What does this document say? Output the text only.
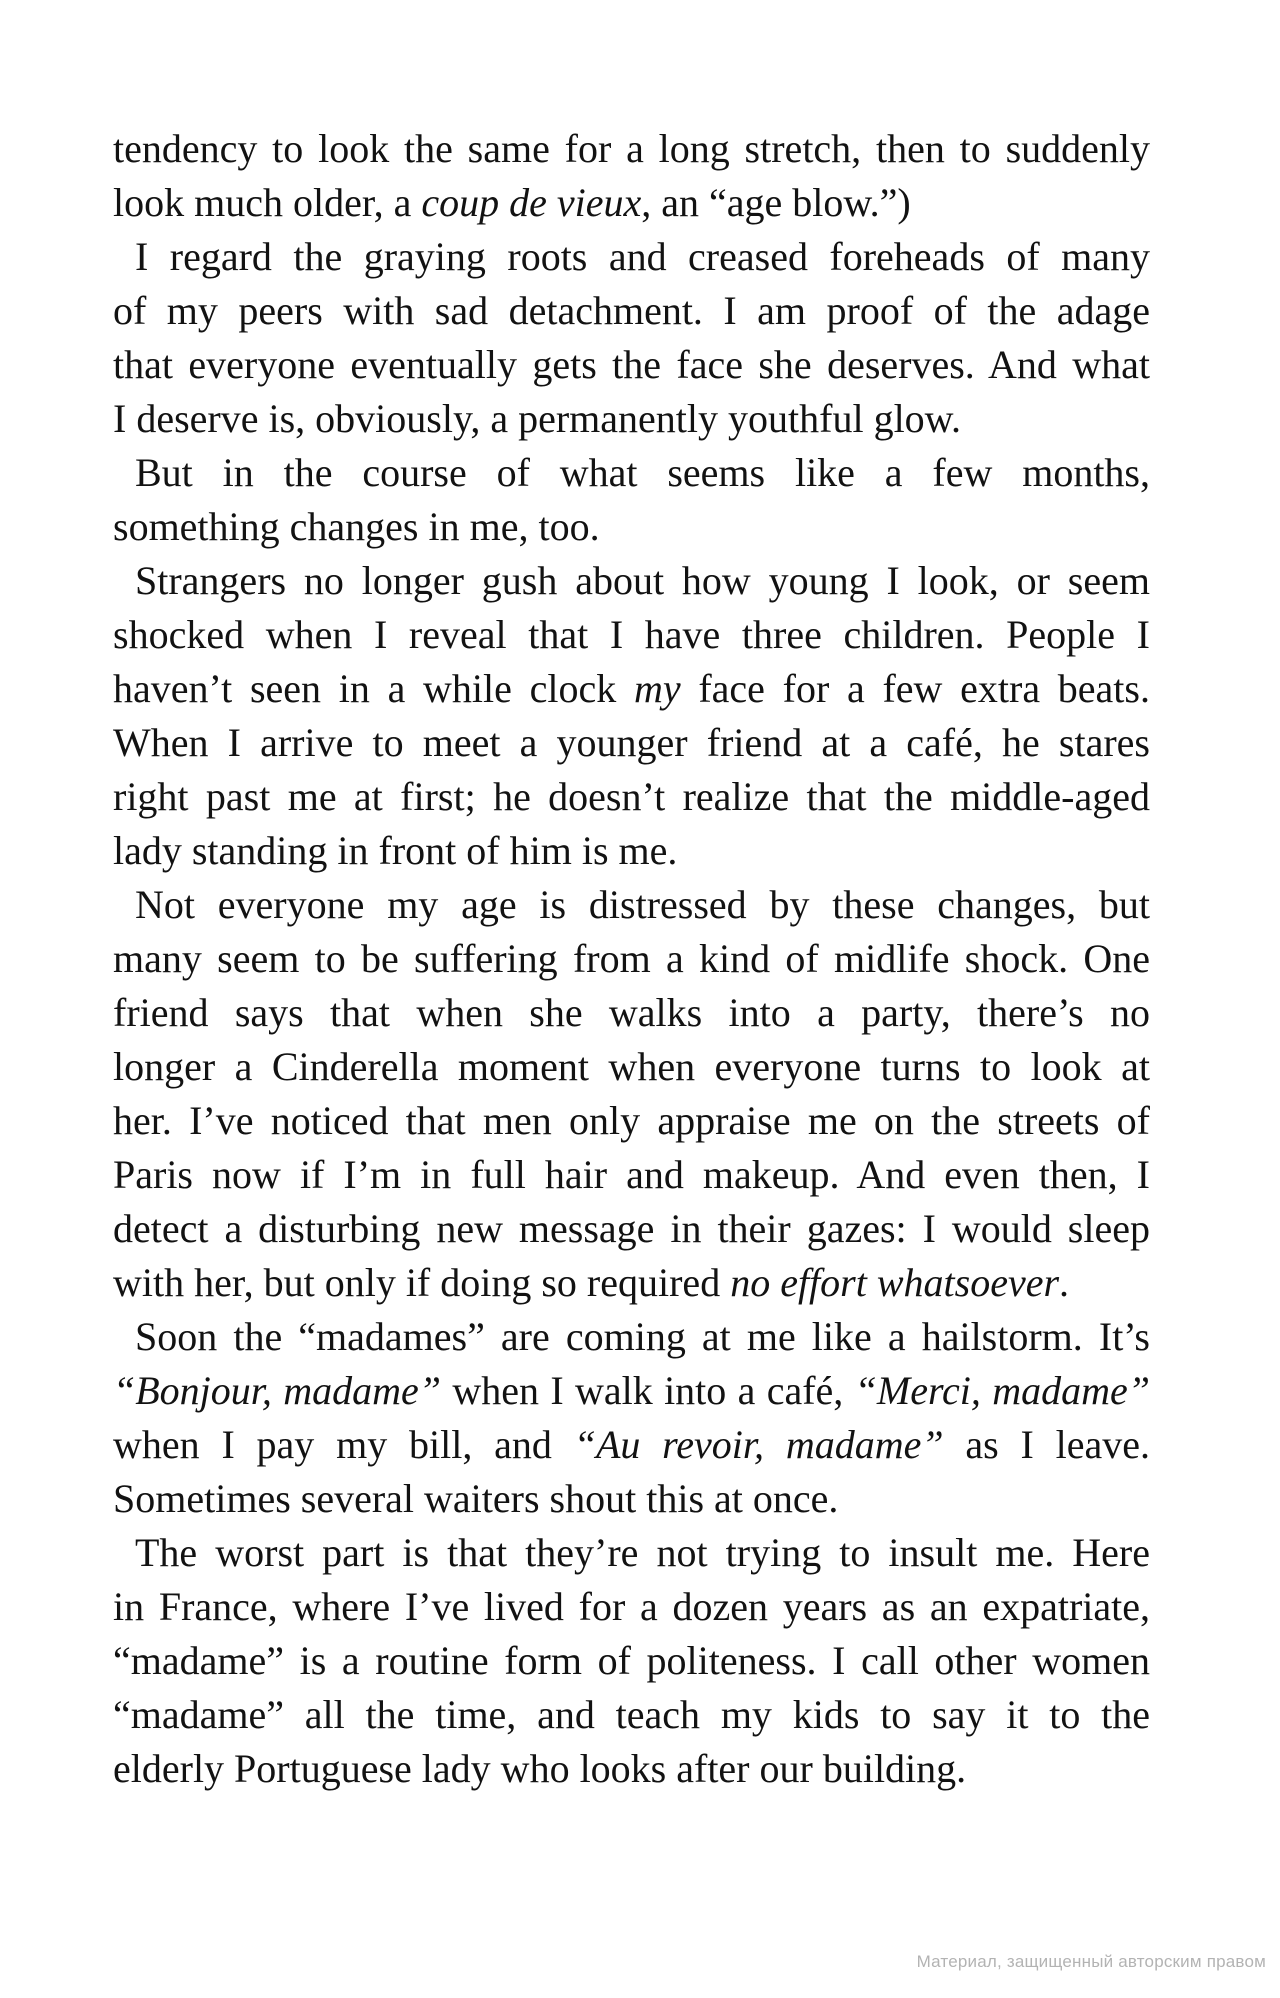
tendency to look the same for a long stretch, then to suddenly
look much older, a coup de vieux, an “age blow.”)
I regard the graying roots and creased foreheads of many
of my peers with sad detachment. I am proof of the adage
that everyone eventually gets the face she deserves. And what
I deserve is, obviously, a permanently youthful glow.
But in the course of what seems like a few months,
something changes in me, too.
Strangers no longer gush about how young I look, or seem
shocked when I reveal that I have three children. People I
haven’t seen in a while clock my face for a few extra beats.
When I arrive to meet a younger friend at a café, he stares
right past me at first; he doesn’t realize that the middle-aged
lady standing in front of him is me.
Not everyone my age is distressed by these changes, but
many seem to be suffering from a kind of midlife shock. One
friend says that when she walks into a party, there’s no
longer a Cinderella moment when everyone turns to look at
her. I’ve noticed that men only appraise me on the streets of
Paris now if I’m in full hair and makeup. And even then, I
detect a disturbing new message in their gazes: I would sleep
with her, but only if doing so required no effort whatsoever.
Soon the “madames” are coming at me like a hailstorm. It’s
“Bonjour, madame” when I walk into a café, “Merci, madame”
when I pay my bill, and “Au revoir, madame” as I leave.
Sometimes several waiters shout this at once.
The worst part is that they’re not trying to insult me. Here
in France, where I’ve lived for a dozen years as an expatriate,
“madame” is a routine form of politeness. I call other women
“madame” all the time, and teach my kids to say it to the
elderly Portuguese lady who looks after our building.
Материал, защищенный авторским правом
